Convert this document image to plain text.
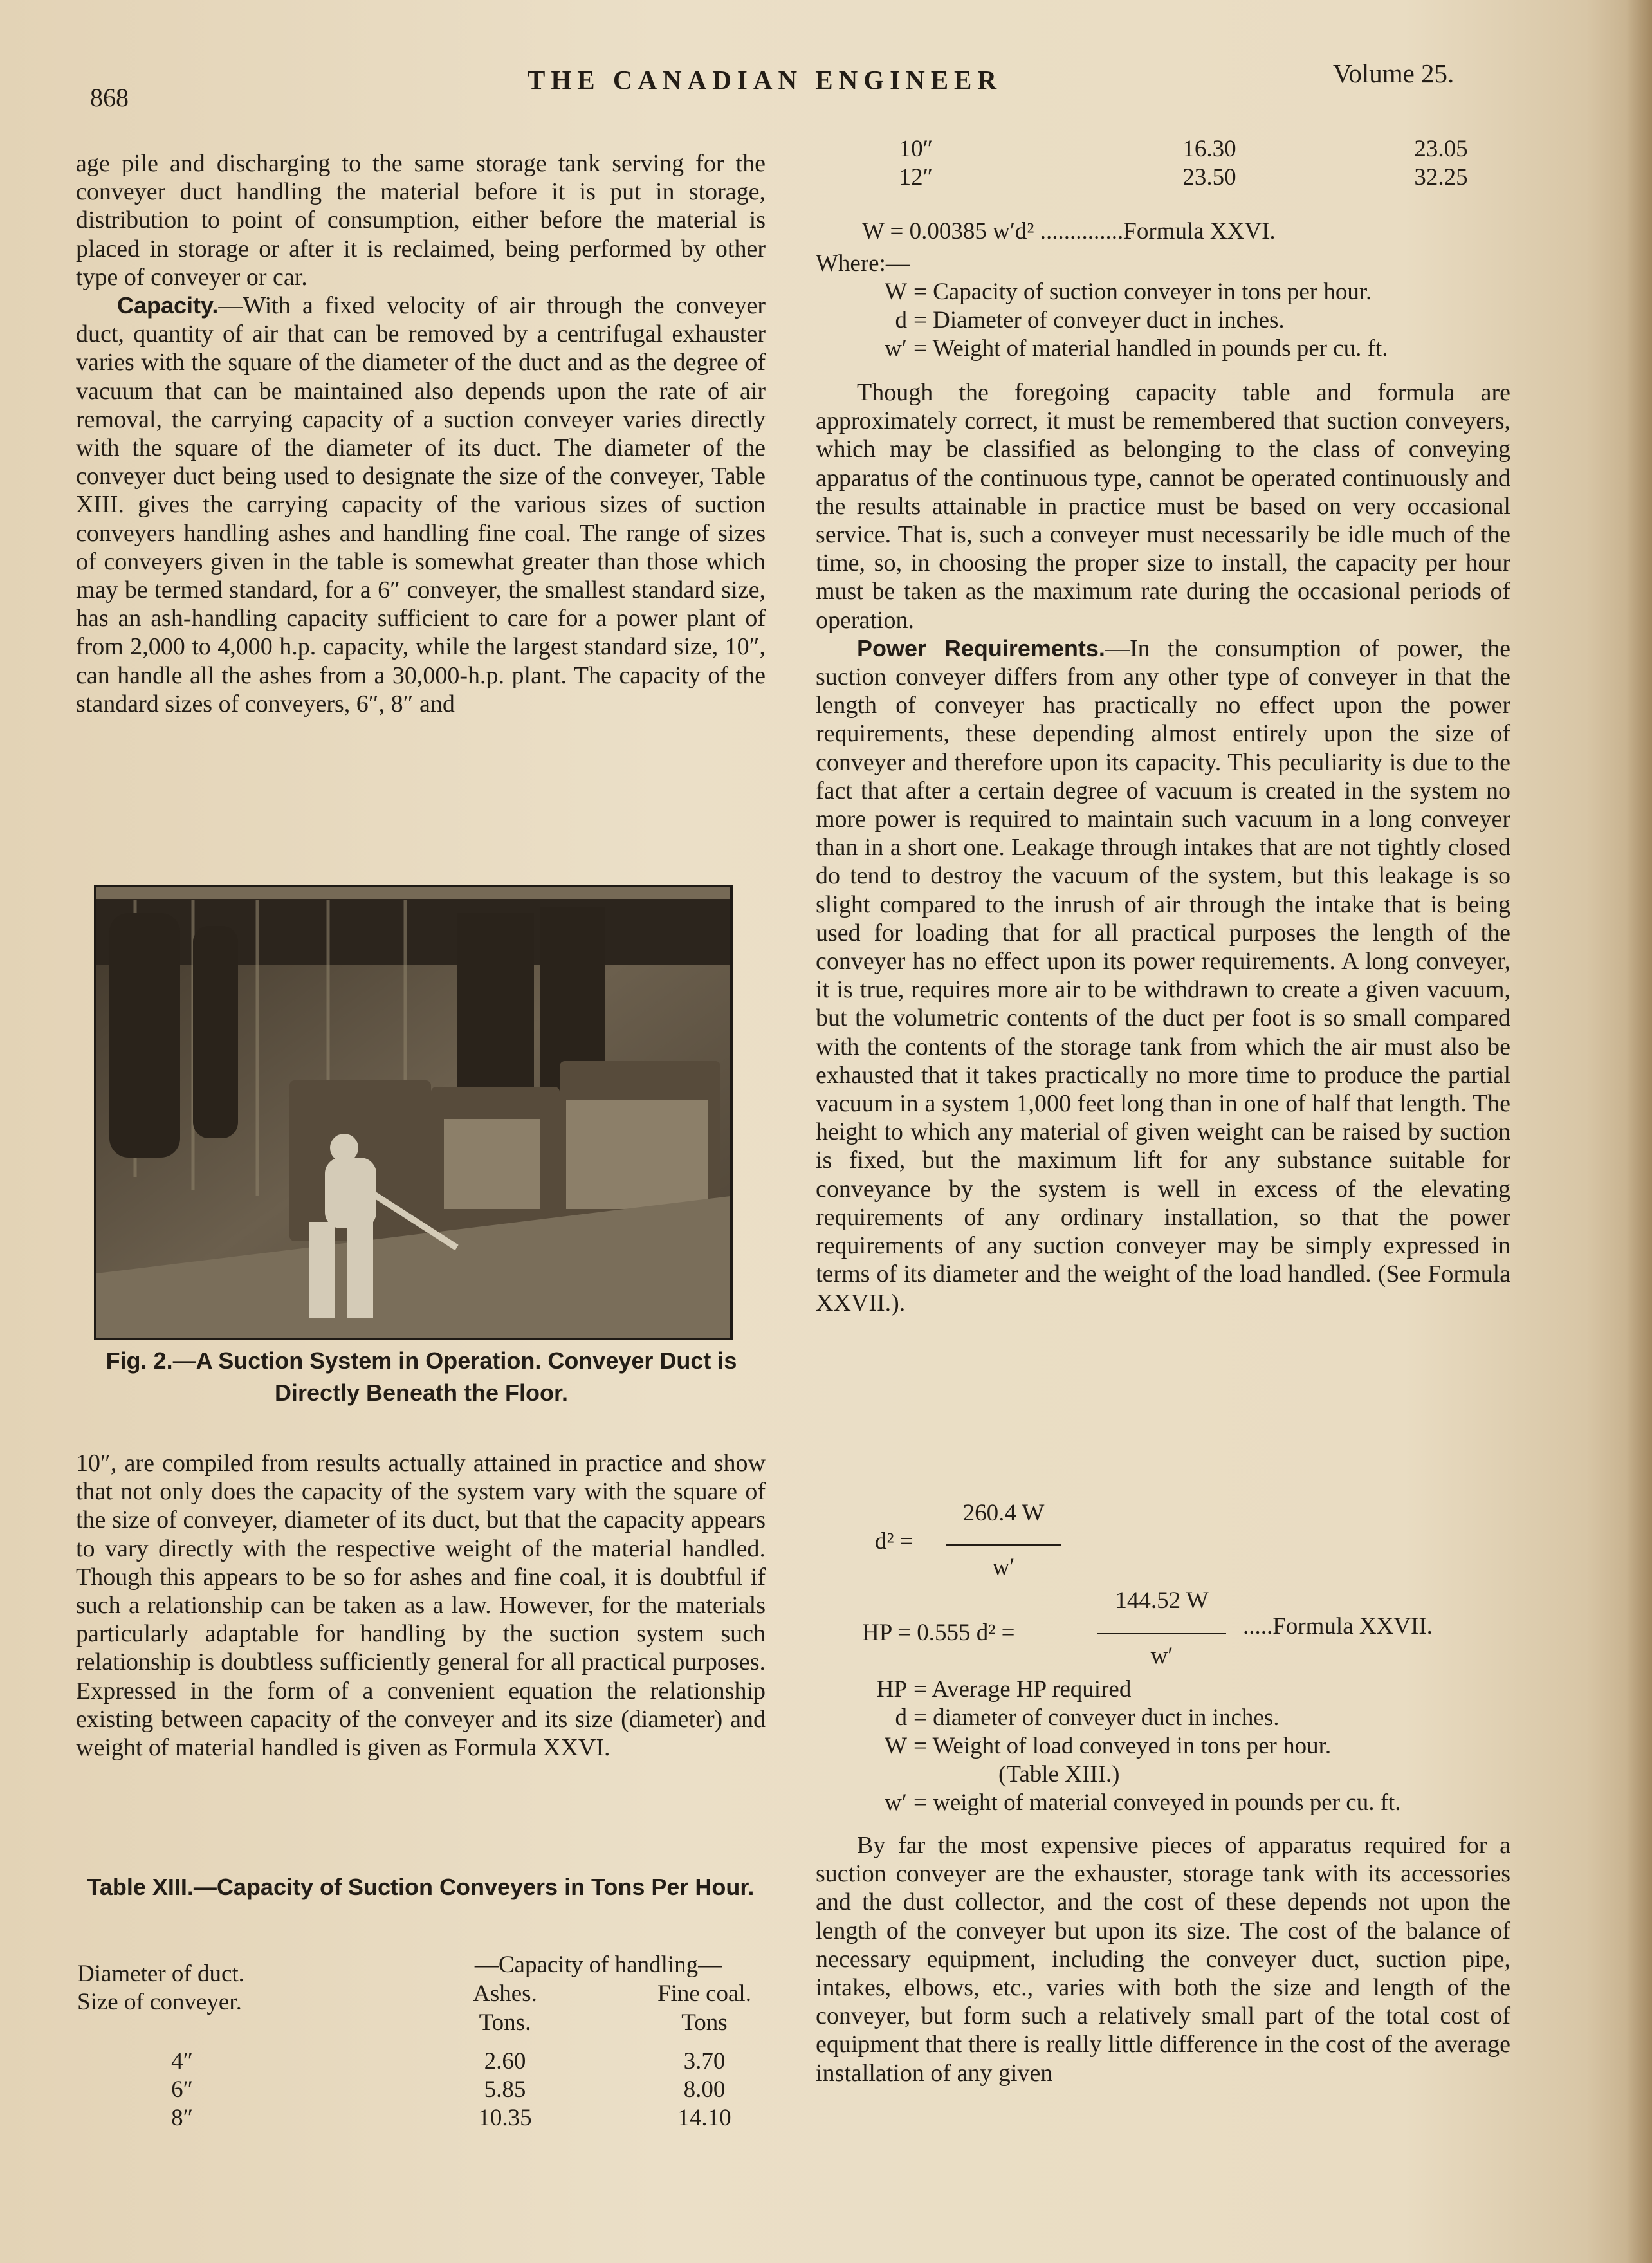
868
THE CANADIAN ENGINEER	Volume 25.

age pile and discharging to the same storage tank serving for the conveyer duct handling the material before it is put in storage, distribution to point of consumption, either before the material is placed in storage or after it is reclaimed, being performed by other type of conveyer or car.

Capacity.—With a fixed velocity of air through the conveyer duct, quantity of air that can be removed by a centrifugal exhauster varies with the square of the diameter of the duct and as the degree of vacuum that can be maintained also depends upon the rate of air removal, the carrying capacity of a suction conveyer varies directly with the square of the diameter of its duct. The diameter of the conveyer duct being used to designate the size of the conveyer, Table XIII. gives the carrying capacity of the various sizes of suction conveyers handling ashes and handling fine coal. The range of sizes of conveyers given in the table is somewhat greater than those which may be termed standard, for a 6″ conveyer, the smallest standard size, has an ash-handling capacity sufficient to care for a power plant of from 2,000 to 4,000 h.p. capacity, while the largest standard size, 10″, can handle all the ashes from a 30,000-h.p. plant. The capacity of the standard sizes of conveyers, 6″, 8″ and

Fig. 2.—A Suction System in Operation. Conveyer Duct is Directly Beneath the Floor.

10″, are compiled from results actually attained in practice and show that not only does the capacity of the system vary with the square of the size of conveyer, diameter of its duct, but that the capacity appears to vary directly with the respective weight of the material handled. Though this appears to be so for ashes and fine coal, it is doubtful if such a relationship can be taken as a law. However, for the materials particularly adaptable for handling by the suction system such relationship is doubtless sufficiently general for all practical purposes. Expressed in the form of a convenient equation the relationship existing between capacity of the conveyer and its size (diameter) and weight of material handled is given as Formula XXVI.

Table XIII.—Capacity of Suction Conveyers in Tons Per Hour.
Diameter of duct.
Size of conveyer.
—Capacity of handling—
Ashes.	Fine coal.
Tons.	Tons
4″	2.60	3.70
6″	5.85	8.00
8″	10.35	14.10
10″	16.30	23.05
12″	23.50	32.25
W = 0.00385 w′d² ..............Formula XXVI.
Where:—
W = Capacity of suction conveyer in tons per hour.
d = Diameter of conveyer duct in inches.
w′ = Weight of material handled in pounds per cu. ft.

Though the foregoing capacity table and formula are approximately correct, it must be remembered that suction conveyers, which may be classified as belonging to the class of conveying apparatus of the continuous type, cannot be operated continuously and the results attainable in practice must be based on very occasional service. That is, such a conveyer must necessarily be idle much of the time, so, in choosing the proper size to install, the capacity per hour must be taken as the maximum rate during the occasional periods of operation.

Power Requirements.—In the consumption of power, the suction conveyer differs from any other type of conveyer in that the length of conveyer has practically no effect upon the power requirements, these depending almost entirely upon the size of conveyer and therefore upon its capacity. This peculiarity is due to the fact that after a certain degree of vacuum is created in the system no more power is required to maintain such vacuum in a long conveyer than in a short one. Leakage through intakes that are not tightly closed do tend to destroy the vacuum of the system, but this leakage is so slight compared to the inrush of air through the intake that is being used for loading that for all practical purposes the length of the conveyer has no effect upon its power requirements. A long conveyer, it is true, requires more air to be withdrawn to create a given vacuum, but the volumetric contents of the duct per foot is so small compared with the contents of the storage tank from which the air must also be exhausted that it takes practically no more time to produce the partial vacuum in a system 1,000 feet long than in one of half that length. The height to which any material of given weight can be raised by suction is fixed, but the maximum lift for any substance suitable for conveyance by the system is well in excess of the elevating requirements of any ordinary installation, so that the power requirements of any suction conveyer may be simply expressed in terms of its diameter and the weight of the load handled. (See Formula XXVII.).

d² =
260.4 W
w′
HP = 0.555 d² =
144.52 W
w′
.....Formula XXVII.
HP = Average HP required
d = diameter of conveyer duct in inches.
W = Weight of load conveyed in tons per hour.
(Table XIII.)
w′ = weight of material conveyed in pounds per cu. ft.

By far the most expensive pieces of apparatus required for a suction conveyer are the exhauster, storage tank with its accessories and the dust collector, and the cost of these depends not upon the length of the conveyer but upon its size. The cost of the balance of necessary equipment, including the conveyer duct, suction pipe, intakes, elbows, etc., varies with both the size and length of the conveyer, but form such a relatively small part of the total cost of equipment that there is really little difference in the cost of the average installation of any given
